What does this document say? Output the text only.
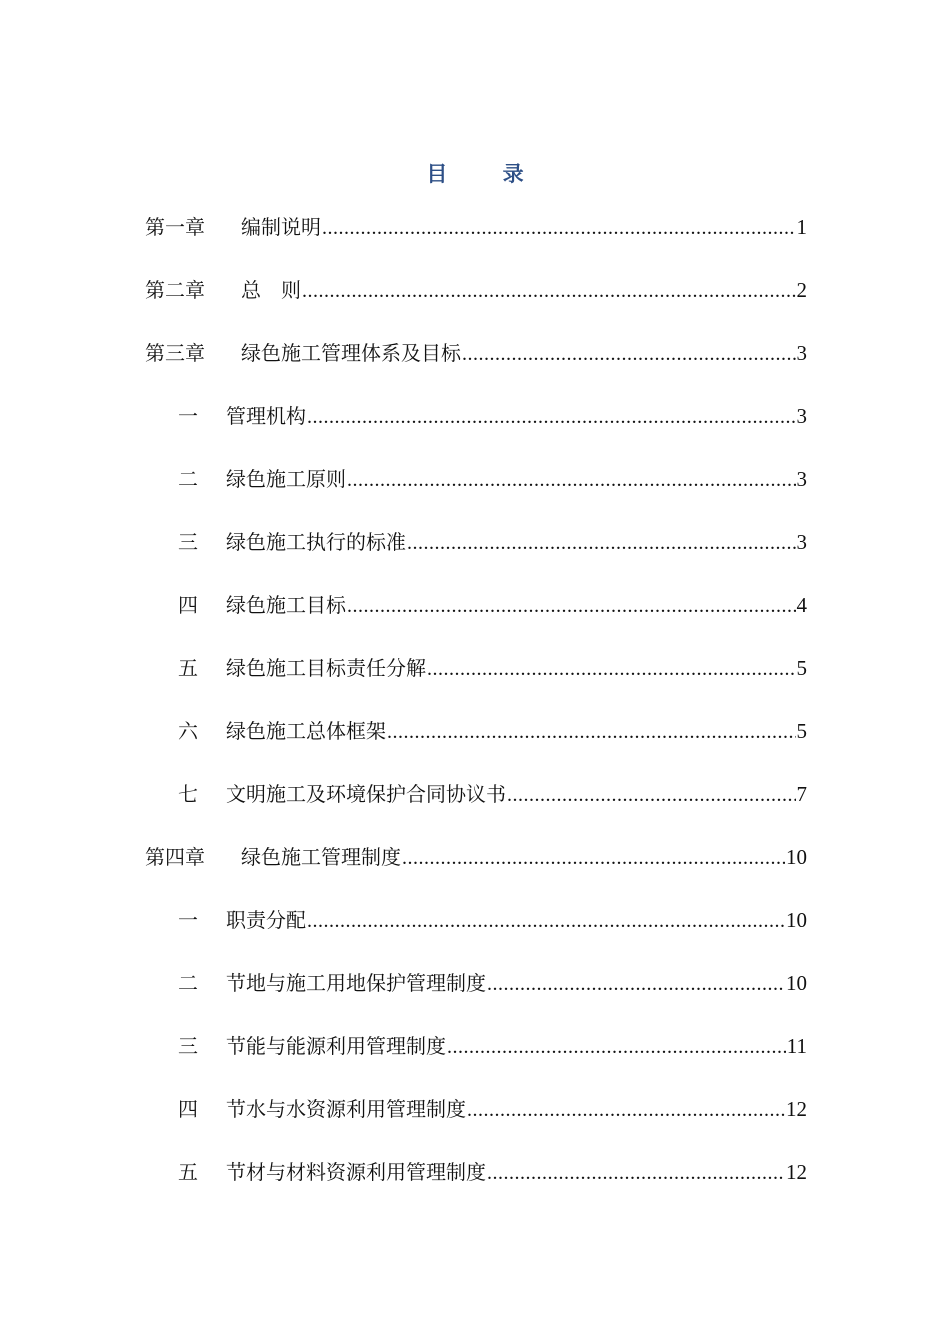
目 录
第一章	编制说明 .....	1
第二章	总　则 .....	2
第三章	绿色施工管理体系及目标 .....	3
一	管理机构 .....	3
二	绿色施工原则 .....	3
三	绿色施工执行的标准 .....	3
四	绿色施工目标 .....	4
五	绿色施工目标责任分解 .....	5
六	绿色施工总体框架 .....	5
七	文明施工及环境保护合同协议书 .....	7
第四章	绿色施工管理制度 .....	10
一	职责分配 .....	10
二	节地与施工用地保护管理制度 .....	10
三	节能与能源利用管理制度 .....	11
四	节水与水资源利用管理制度 .....	12
五	节材与材料资源利用管理制度 .....	12
